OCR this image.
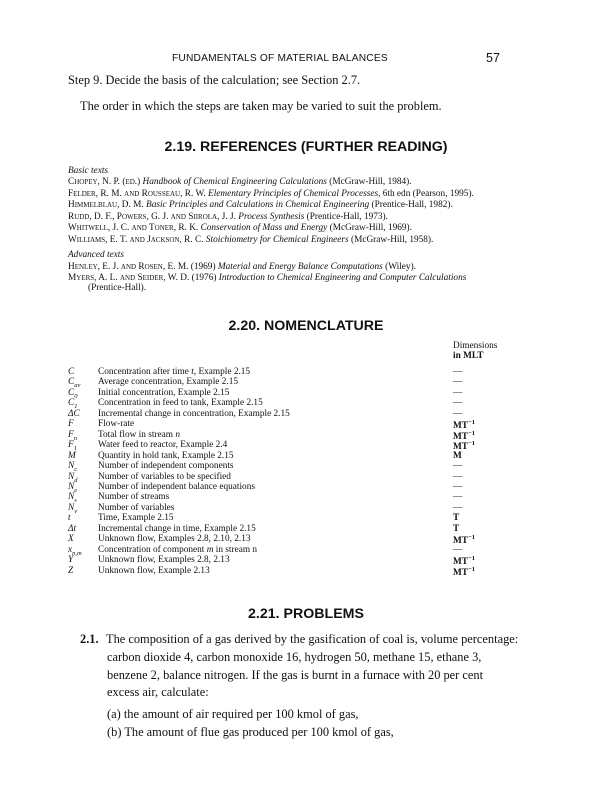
FUNDAMENTALS OF MATERIAL BALANCES	57
Step 9. Decide the basis of the calculation; see Section 2.7.
The order in which the steps are taken may be varied to suit the problem.
2.19. REFERENCES (FURTHER READING)
Basic texts
Chopey, N. P. (ed.) Handbook of Chemical Engineering Calculations (McGraw-Hill, 1984).
Felder, R. M. and Rousseau, R. W. Elementary Principles of Chemical Processes, 6th edn (Pearson, 1995).
Himmelblau, D. M. Basic Principles and Calculations in Chemical Engineering (Prentice-Hall, 1982).
Rudd, D. F., Powers, G. J. and Siirola, J. J. Process Synthesis (Prentice-Hall, 1973).
Whitwell, J. C. and Toner, R. K. Conservation of Mass and Energy (McGraw-Hill, 1969).
Williams, E. T. and Jackson, R. C. Stoichiometry for Chemical Engineers (McGraw-Hill, 1958).
Advanced texts
Henley, E. J. and Rosen, E. M. (1969) Material and Energy Balance Computations (Wiley).
Myers, A. L. and Seider, W. D. (1976) Introduction to Chemical Engineering and Computer Calculations
(Prentice-Hall).
2.20. NOMENCLATURE
Dimensions
in MLT
C	Concentration after time t, Example 2.15	—
$C_{av}$ Average concentration, Example 2.15	—
$C_0$ Initial concentration, Example 2.15	—
$C_1$ Concentration in feed to tank, Example 2.15	—
ΔC Incremental change in concentration, Example 2.15	—
F	Flow-rate	$MT^{-1}$
$F_n$ Total flow in stream n	$MT^{-1}$
$F_1$ Water feed to reactor, Example 2.4	$MT^{-1}$
M Quantity in hold tank, Example 2.15	M
$N_c$ Number of independent components	—
$N_d$ Number of variables to be specified	—
$N_e$ Number of independent balance equations	—
$N_s$ Number of streams	—
$N_v$ Number of variables	—
t	Time, Example 2.15	T
Δt Incremental change in time, Example 2.15	T
X	Unknown flow, Examples 2.8, 2.10, 2.13	$MT^{-1}$
$x_{n,m}$ Concentration of component m in stream n	—
Y	Unknown flow, Examples 2.8, 2.13	$MT^{-1}$
Z	Unknown flow, Example 2.13	$MT^{-1}$
2.21. PROBLEMS
2.1. The composition of a gas derived by the gasification of coal is, volume percentage:
carbon dioxide 4, carbon monoxide 16, hydrogen 50, methane 15, ethane 3,
benzene 2, balance nitrogen. If the gas is burnt in a furnace with 20 per cent
excess air, calculate:
(a) the amount of air required per 100 kmol of gas,
(b) The amount of flue gas produced per 100 kmol of gas,
